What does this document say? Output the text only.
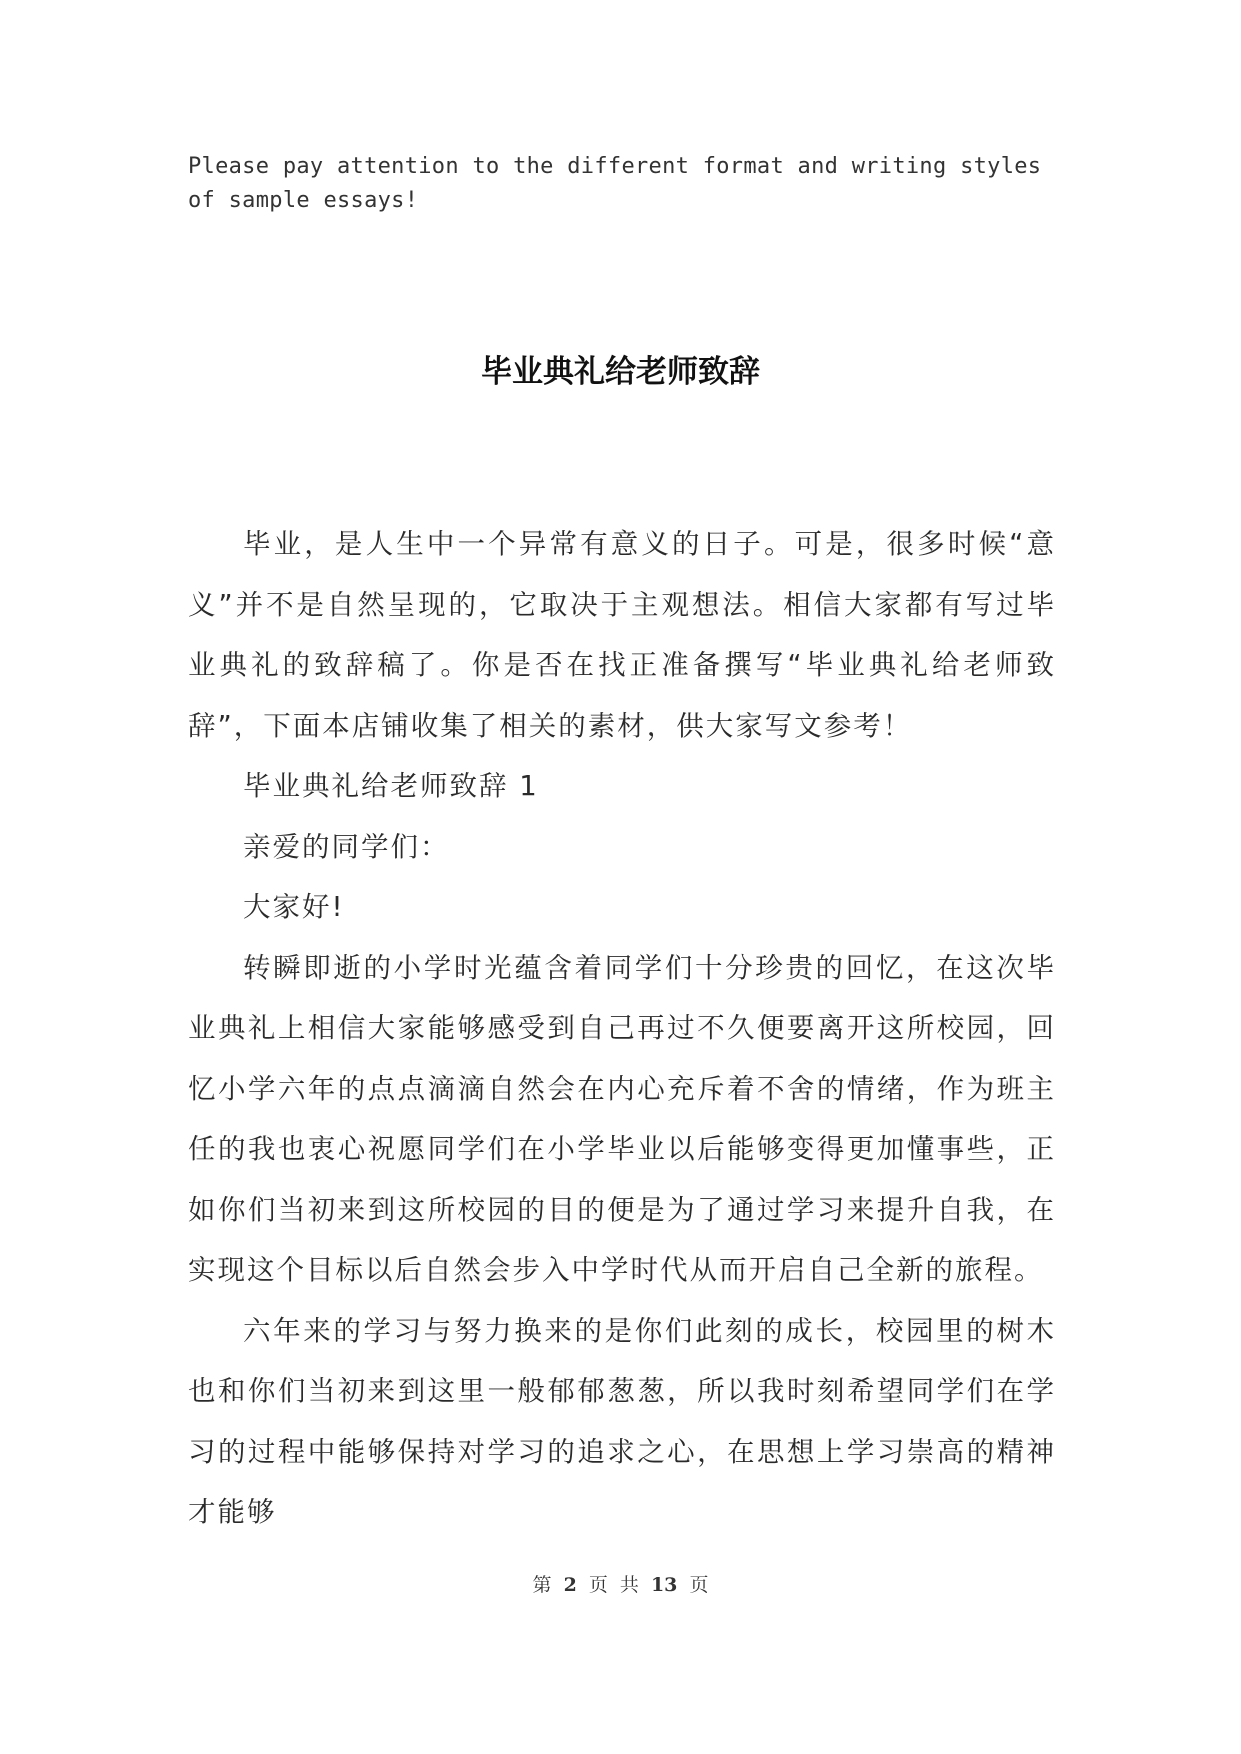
Please pay attention to the different format and writing styles of sample essays!
毕业典礼给老师致辞

毕业，是人生中一个异常有意义的日子。可是，很多时候“意义”并不是自然呈现的，它取决于主观想法。相信大家都有写过毕业典礼的致辞稿了。你是否在找正准备撰写“毕业典礼给老师致辞”，下面本店铺收集了相关的素材，供大家写文参考！

毕业典礼给老师致辞 1

亲爱的同学们：

大家好!

转瞬即逝的小学时光蕴含着同学们十分珍贵的回忆，在这次毕业典礼上相信大家能够感受到自己再过不久便要离开这所校园，回忆小学六年的点点滴滴自然会在内心充斥着不舍的情绪，作为班主任的我也衷心祝愿同学们在小学毕业以后能够变得更加懂事些，正如你们当初来到这所校园的目的便是为了通过学习来提升自我，在实现这个目标以后自然会步入中学时代从而开启自己全新的旅程。

六年来的学习与努力换来的是你们此刻的成长，校园里的树木也和你们当初来到这里一般郁郁葱葱，所以我时刻希望同学们在学习的过程中能够保持对学习的追求之心，在思想上学习崇高的精神才能够

第 2 页 共 13 页
